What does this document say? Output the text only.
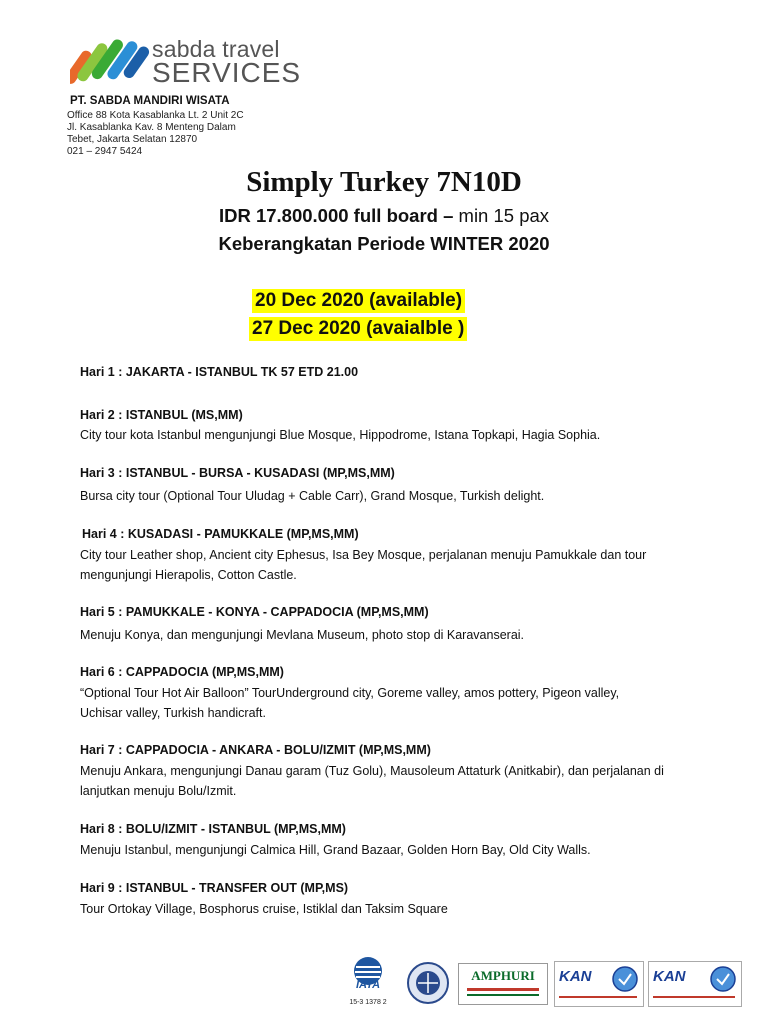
sabda travel
SERVICES
PT. SABDA MANDIRI WISATA
Office 88 Kota Kasablanka Lt. 2 Unit 2C
Jl. Kasablanka Kav. 8 Menteng Dalam
Tebet, Jakarta Selatan 12870
021 – 2947 5424
Simply Turkey 7N10D
IDR 17.800.000 full board – min 15 pax
Keberangkatan Periode WINTER 2020
20 Dec 2020 (available)
27 Dec 2020 (avaialble )
Hari 1 : JAKARTA - ISTANBUL TK 57 ETD 21.00
Hari 2 : ISTANBUL (MS,MM)
City tour kota Istanbul mengunjungi Blue Mosque, Hippodrome, Istana Topkapi, Hagia Sophia.
Hari 3 : ISTANBUL - BURSA - KUSADASI (MP,MS,MM)
Bursa city tour (Optional Tour Uludag + Cable Carr), Grand Mosque, Turkish delight.
Hari 4 : KUSADASI - PAMUKKALE (MP,MS,MM)
City tour Leather shop, Ancient city Ephesus, Isa Bey Mosque, perjalanan menuju Pamukkale dan tour mengunjungi Hierapolis, Cotton Castle.
Hari 5 : PAMUKKALE - KONYA - CAPPADOCIA (MP,MS,MM)
Menuju Konya, dan mengunjungi Mevlana Museum, photo stop di Karavanserai.
Hari 6 : CAPPADOCIA (MP,MS,MM)
“Optional Tour Hot Air Balloon” TourUnderground city, Goreme valley, amos pottery, Pigeon valley, Uchisar valley, Turkish handicraft.
Hari 7 : CAPPADOCIA - ANKARA - BOLU/IZMIT (MP,MS,MM)
Menuju Ankara, mengunjungi Danau garam (Tuz Golu), Mausoleum Attaturk (Anitkabir), dan perjalanan di lanjutkan menuju Bolu/Izmit.
Hari 8 : BOLU/IZMIT - ISTANBUL (MP,MS,MM)
Menuju Istanbul, mengunjungi Calmica Hill, Grand Bazaar, Golden Horn Bay, Old City Walls.
Hari 9 : ISTANBUL - TRANSFER OUT (MP,MS)
Tour Ortokay Village, Bosphorus cruise, Istiklal dan Taksim Square
IATA
15-3 1378 2
AMPHURI	KAN	KAN
